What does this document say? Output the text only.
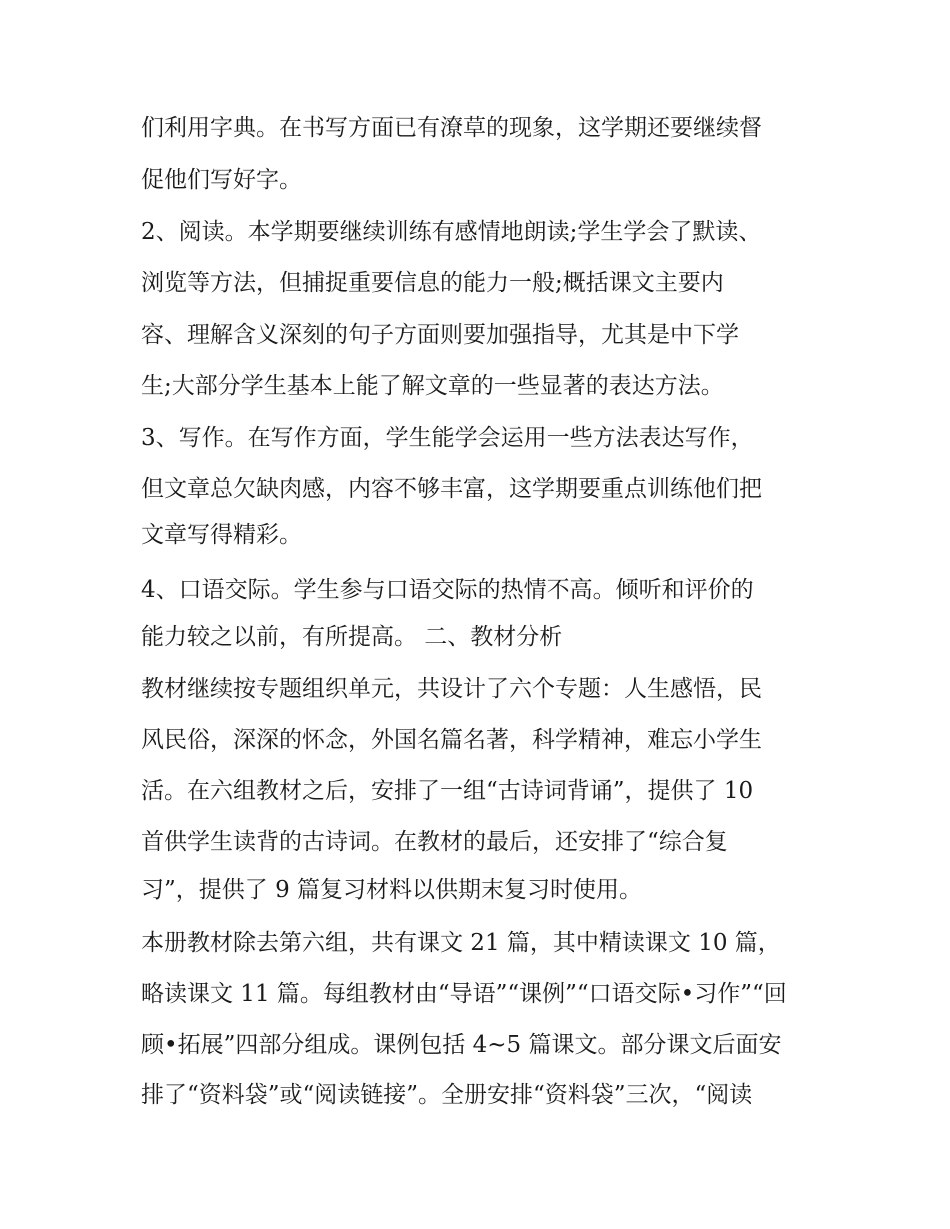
们利用字典。在书写方面已有潦草的现象，这学期还要继续督
促他们写好字。
2、阅读。本学期要继续训练有感情地朗读;学生学会了默读、
浏览等方法，但捕捉重要信息的能力一般;概括课文主要内
容、理解含义深刻的句子方面则要加强指导，尤其是中下学
生;大部分学生基本上能了解文章的一些显著的表达方法。
3、写作。在写作方面，学生能学会运用一些方法表达写作，
但文章总欠缺肉感，内容不够丰富，这学期要重点训练他们把
文章写得精彩。
4、口语交际。学生参与口语交际的热情不高。倾听和评价的
能力较之以前，有所提高。 二、教材分析
教材继续按专题组织单元，共设计了六个专题：人生感悟，民
风民俗，深深的怀念，外国名篇名著，科学精神，难忘小学生
活。在六组教材之后，安排了一组“古诗词背诵”，提供了 10
首供学生读背的古诗词。在教材的最后，还安排了“综合复
习”，提供了 9 篇复习材料以供期末复习时使用。
本册教材除去第六组，共有课文 21 篇，其中精读课文 10 篇，
略读课文 11 篇。每组教材由“导语”“课例”“口语交际•习作”“回
顾•拓展”四部分组成。课例包括 4~5 篇课文。部分课文后面安
排了“资料袋”或“阅读链接”。全册安排“资料袋”三次，“阅读
